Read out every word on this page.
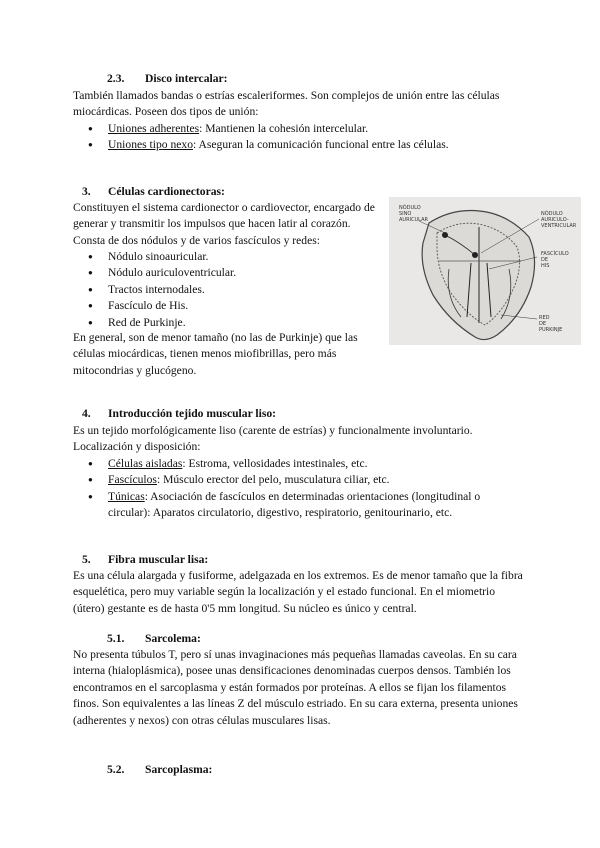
2.3. Disco intercalar:
También llamados bandas o estrías escaleriformes. Son complejos de unión entre las células miocárdicas. Poseen dos tipos de unión:
● Uniones adherentes: Mantienen la cohesión intercelular.
● Uniones tipo nexo: Aseguran la comunicación funcional entre las células.
3. Células cardionectoras:
Constituyen el sistema cardionector o cardiovector, encargado de generar y transmitir los impulsos que hacen latir al corazón. Consta de dos nódulos y de varios fascículos y redes:
● Nódulo sinoauricular.
● Nódulo auriculoventricular.
● Tractos internodales.
● Fascículo de His.
● Red de Purkinje.
En general, son de menor tamaño (no las de Purkinje) que las células miocárdicas, tienen menos miofibrillas, pero más mitocondrias y glucógeno.
NÓDULO
SINO
AURICULAR
NÓDULO
AURICULO-
VENTRICULAR
FASCÍCULO
DE
HIS
RED
DE
PURKINJE
4. Introducción tejido muscular liso:
Es un tejido morfológicamente liso (carente de estrías) y funcionalmente involuntario. Localización y disposición:
● Células aisladas: Estroma, vellosidades intestinales, etc.
● Fascículos: Músculo erector del pelo, musculatura ciliar, etc.
● Túnicas: Asociación de fascículos en determinadas orientaciones (longitudinal o circular): Aparatos circulatorio, digestivo, respiratorio, genitourinario, etc.
5. Fibra muscular lisa:
Es una célula alargada y fusiforme, adelgazada en los extremos. Es de menor tamaño que la fibra esquelética, pero muy variable según la localización y el estado funcional. En el miometrio (útero) gestante es de hasta 0'5 mm longitud. Su núcleo es único y central.
5.1. Sarcolema:
No presenta túbulos T, pero sí unas invaginaciones más pequeñas llamadas caveolas. En su cara interna (hialoplásmica), posee unas densificaciones denominadas cuerpos densos. También los encontramos en el sarcoplasma y están formados por proteínas. A ellos se fijan los filamentos finos. Son equivalentes a las líneas Z del músculo estriado. En su cara externa, presenta uniones (adherentes y nexos) con otras células musculares lisas.
5.2. Sarcoplasma:
